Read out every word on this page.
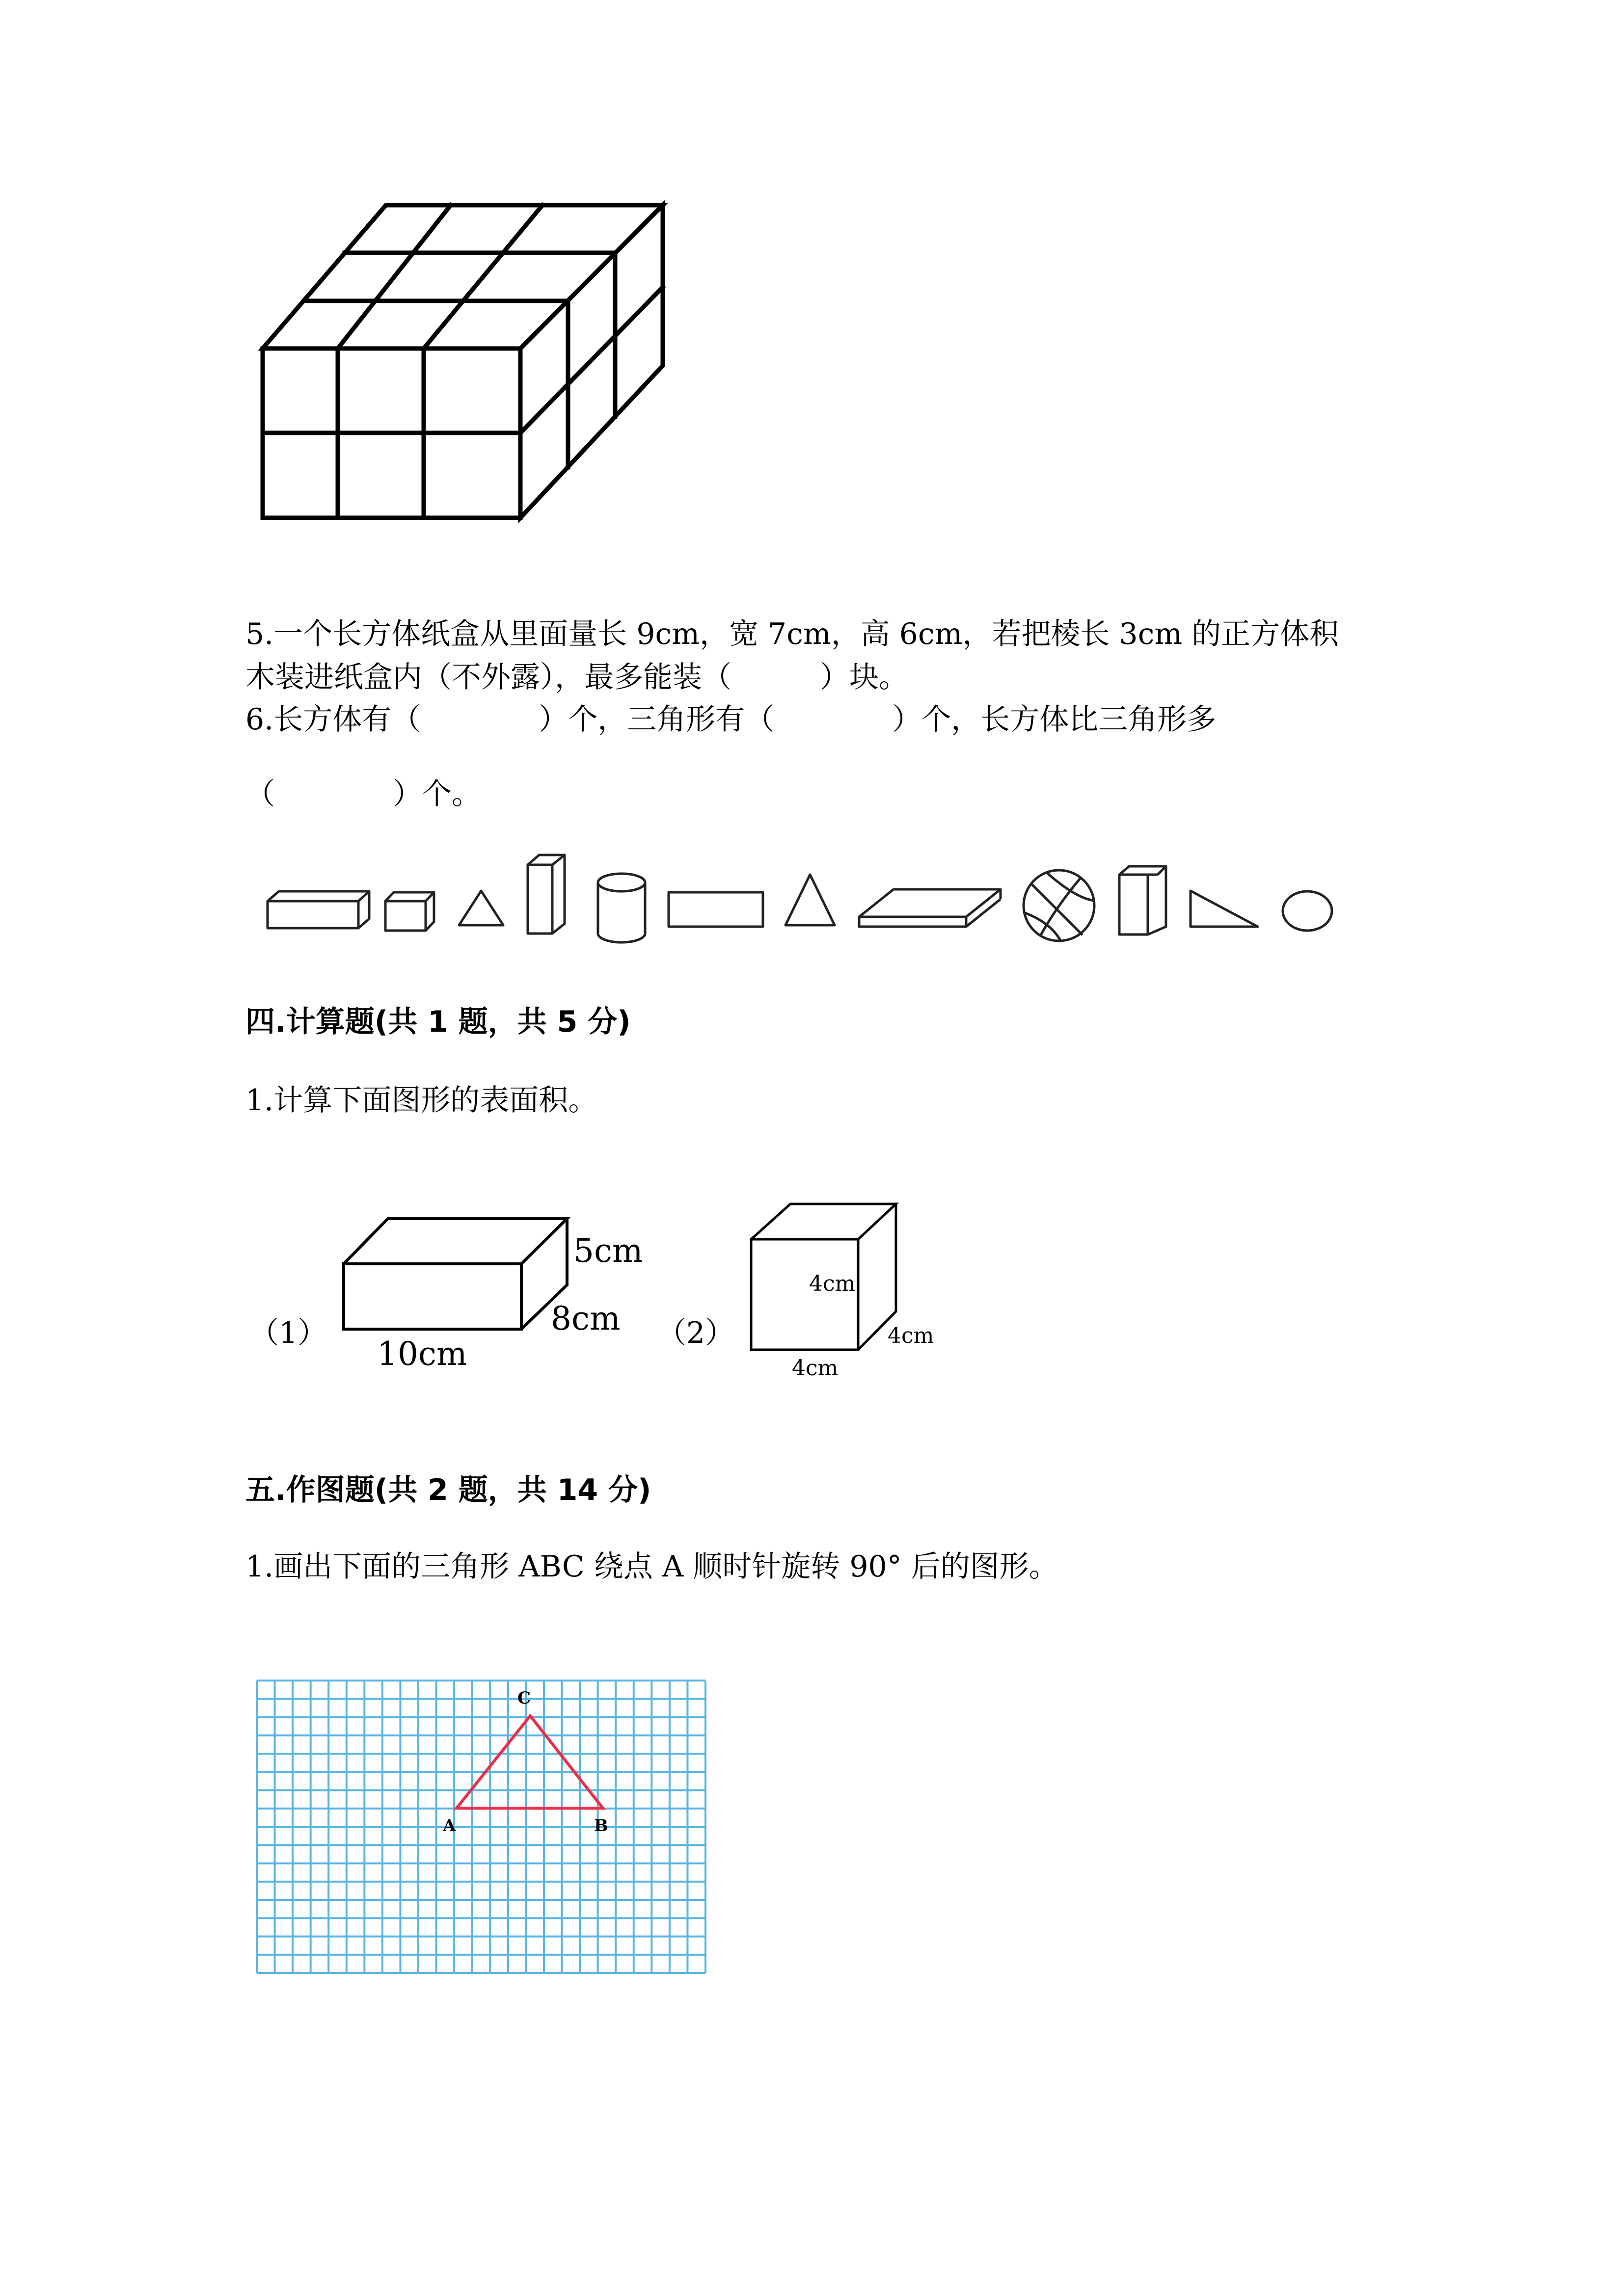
5.一个长方体纸盒从里面量长 9cm，宽 7cm，高 6cm，若把棱长 3cm 的正方体积
木装进纸盒内（不外露），最多能装（　　　）块。
6.长方体有（　　　　）个，三角形有（　　　　）个，长方体比三角形多
（　　　　）个。
四.计算题(共 1 题，共 5 分)
1.计算下面图形的表面积。
（1）
5cm
8cm
10cm
（2）
4cm
4cm
4cm
五.作图题(共 2 题，共 14 分)
1.画出下面的三角形 ABC 绕点 A 顺时针旋转 90° 后的图形。
C
A	B
